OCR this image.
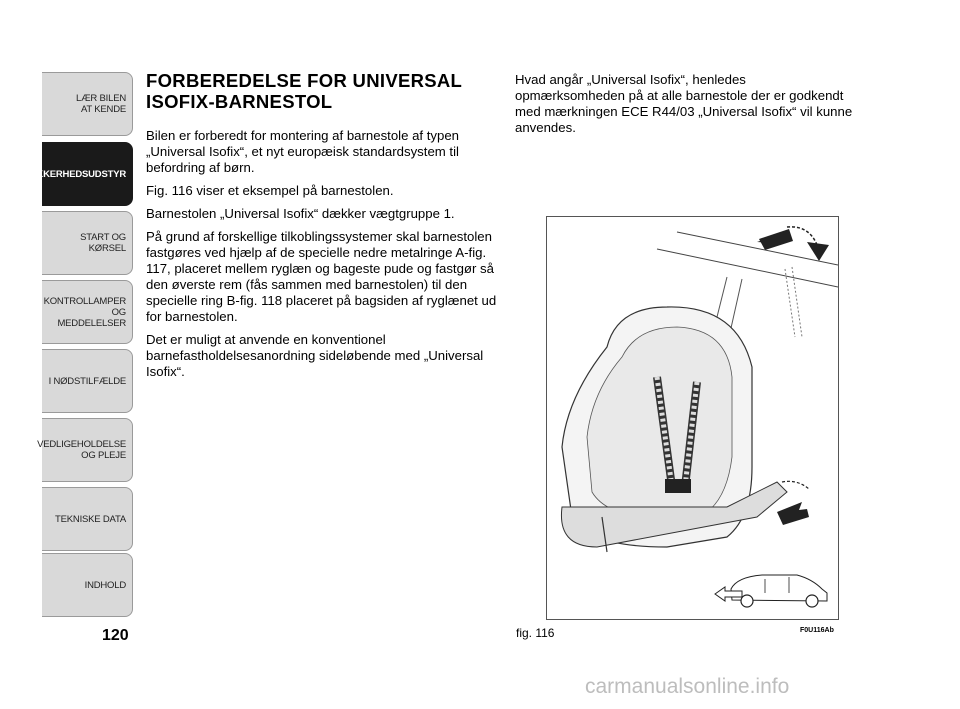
LÆR BILEN
AT KENDE
SIKKERHEDSUDSTYR
START OG KØRSEL
KONTROLLAMPER
OG MEDDELELSER
I NØDSTILFÆLDE
VEDLIGEHOLDELSE
OG PLEJE
TEKNISKE DATA
INDHOLD
120
FORBEREDELSE FOR UNIVERSAL ISOFIX-BARNESTOL

Bilen er forberedt for montering af barnestole af typen „Universal Isofix“, et nyt europæisk standardsystem til befordring af børn.

Fig. 116 viser et eksempel på barnestolen.

Barnestolen „Universal Isofix“ dækker vægtgruppe 1.

På grund af forskellige tilkoblingssystemer skal barnestolen fastgøres ved hjælp af de specielle nedre metalringe A-fig. 117, placeret mellem ryglæn og bageste pude og fastgør så den øverste rem (fås sammen med barnestolen) til den specielle ring B-fig. 118 placeret på bagsiden af ryglænet ud for barnestolen.

Det er muligt at anvende en konventionel barnefastholdelsesanordning sideløbende med „Universal Isofix“.

Hvad angår „Universal Isofix“, henledes opmærksomheden på at alle barnestole der er godkendt med mærkningen ECE R44/03 „Universal Isofix“ vil kunne anvendes.

fig. 116	F0U116Ab
carmanualsonline.info
